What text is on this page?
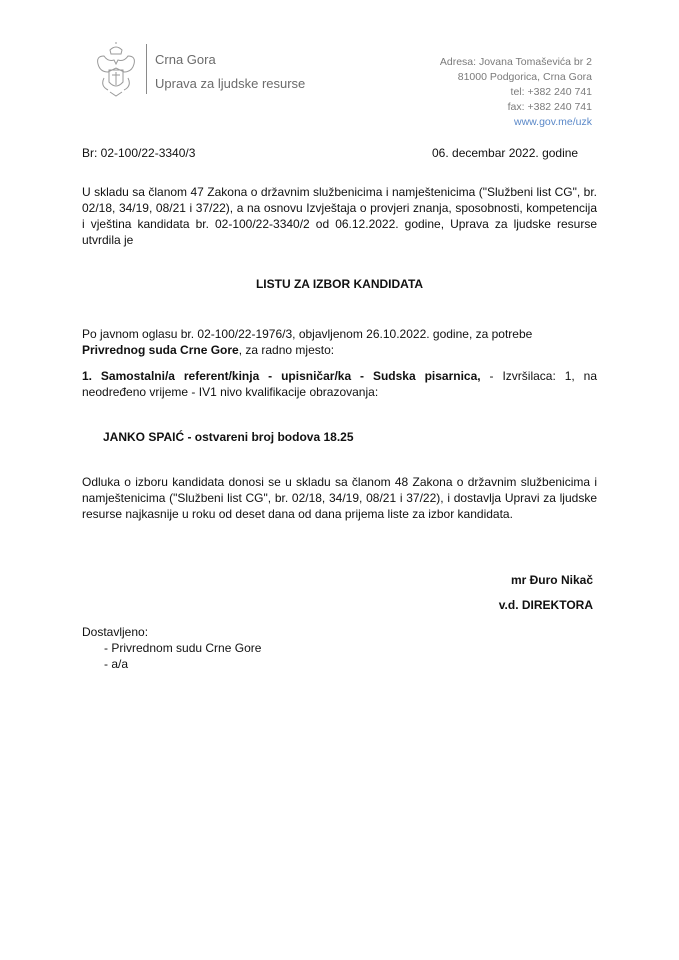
Crna Gora
Uprava za ljudske resurse
Adresa: Jovana Tomaševića br 2
81000 Podgorica, Crna Gora
tel: +382 240 741
fax: +382 240 741
www.gov.me/uzk
Br: 02-100/22-3340/3	06. decembar 2022. godine
U skladu sa članom 47 Zakona o državnim službenicima i namještenicima ("Službeni list CG", br. 02/18, 34/19, 08/21 i 37/22), a na osnovu Izvještaja o provjeri znanja, sposobnosti, kompetencija i vještina kandidata br. 02-100/22-3340/2 od 06.12.2022. godine, Uprava za ljudske resurse utvrdila je
LISTU ZA IZBOR KANDIDATA
Po javnom oglasu br. 02-100/22-1976/3, objavljenom 26.10.2022. godine, za potrebe
Privrednog suda Crne Gore, za radno mjesto:
1. Samostalni/a referent/kinja - upisničar/ka - Sudska pisarnica, - Izvršilaca: 1, na neodređeno vrijeme - IV1 nivo kvalifikacije obrazovanja:
JANKO SPAIĆ - ostvareni broj bodova 18.25
Odluka o izboru kandidata donosi se u skladu sa članom 48 Zakona o državnim službenicima i namještenicima ("Službeni list CG", br. 02/18, 34/19, 08/21 i 37/22), i dostavlja Upravi za ljudske resurse najkasnije u roku od deset dana od dana prijema liste za izbor kandidata.
mr Đuro Nikač
v.d. DIREKTORA
Dostavljeno:
- Privrednom sudu Crne Gore
- a/a
